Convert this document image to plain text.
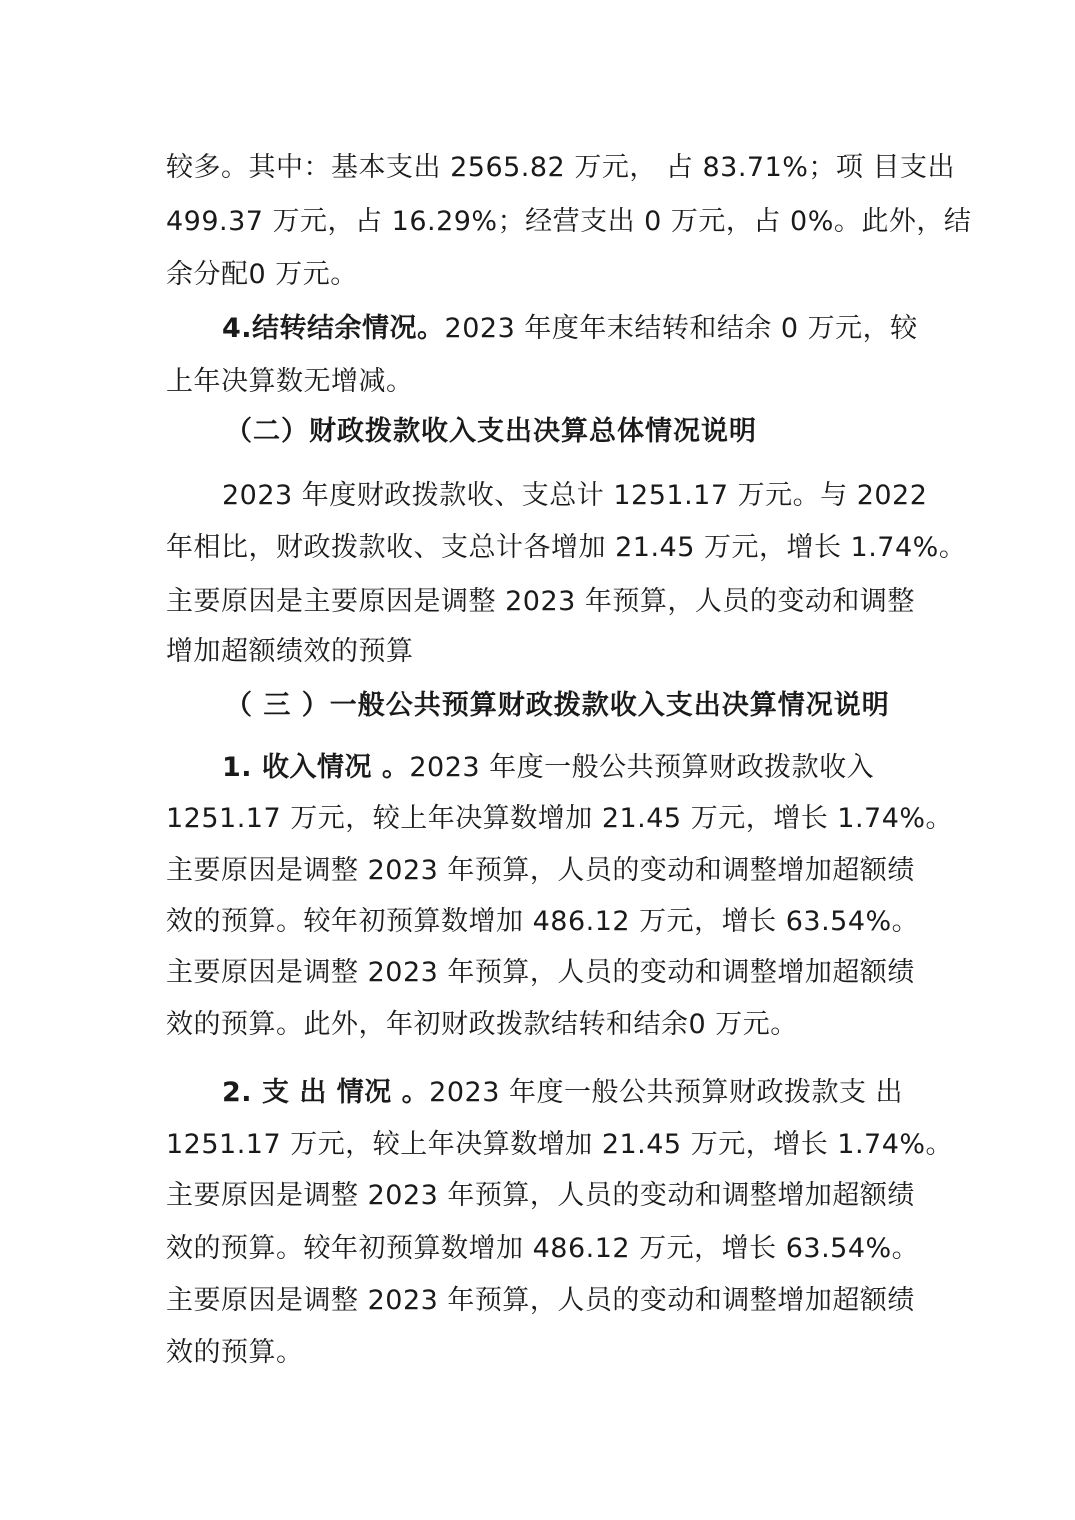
较多。其中：基本支出 2565.82 万元， 占 83.71%；项 目支出
499.37 万元，占 16.29%；经营支出 0 万元，占 0%。此外，结
余分配0 万元。
4.结转结余情况。2023 年度年末结转和结余 0 万元，较
上年决算数无增减。
（二）财政拨款收入支出决算总体情况说明
2023 年度财政拨款收、支总计 1251.17 万元。与 2022
年相比，财政拨款收、支总计各增加 21.45 万元，增长 1.74%。
主要原因是主要原因是调整 2023 年预算，人员的变动和调整
增加超额绩效的预算
（ 三 ）一般公共预算财政拨款收入支出决算情况说明
1. 收入情况 。2023 年度一般公共预算财政拨款收入
1251.17 万元，较上年决算数增加 21.45 万元，增长 1.74%。
主要原因是调整 2023 年预算，人员的变动和调整增加超额绩
效的预算。较年初预算数增加 486.12 万元，增长 63.54%。
主要原因是调整 2023 年预算，人员的变动和调整增加超额绩
效的预算。此外，年初财政拨款结转和结余0 万元。
2. 支 出 情况 。2023 年度一般公共预算财政拨款支 出
1251.17 万元，较上年决算数增加 21.45 万元，增长 1.74%。
主要原因是调整 2023 年预算，人员的变动和调整增加超额绩
效的预算。较年初预算数增加 486.12 万元，增长 63.54%。
主要原因是调整 2023 年预算，人员的变动和调整增加超额绩
效的预算。
